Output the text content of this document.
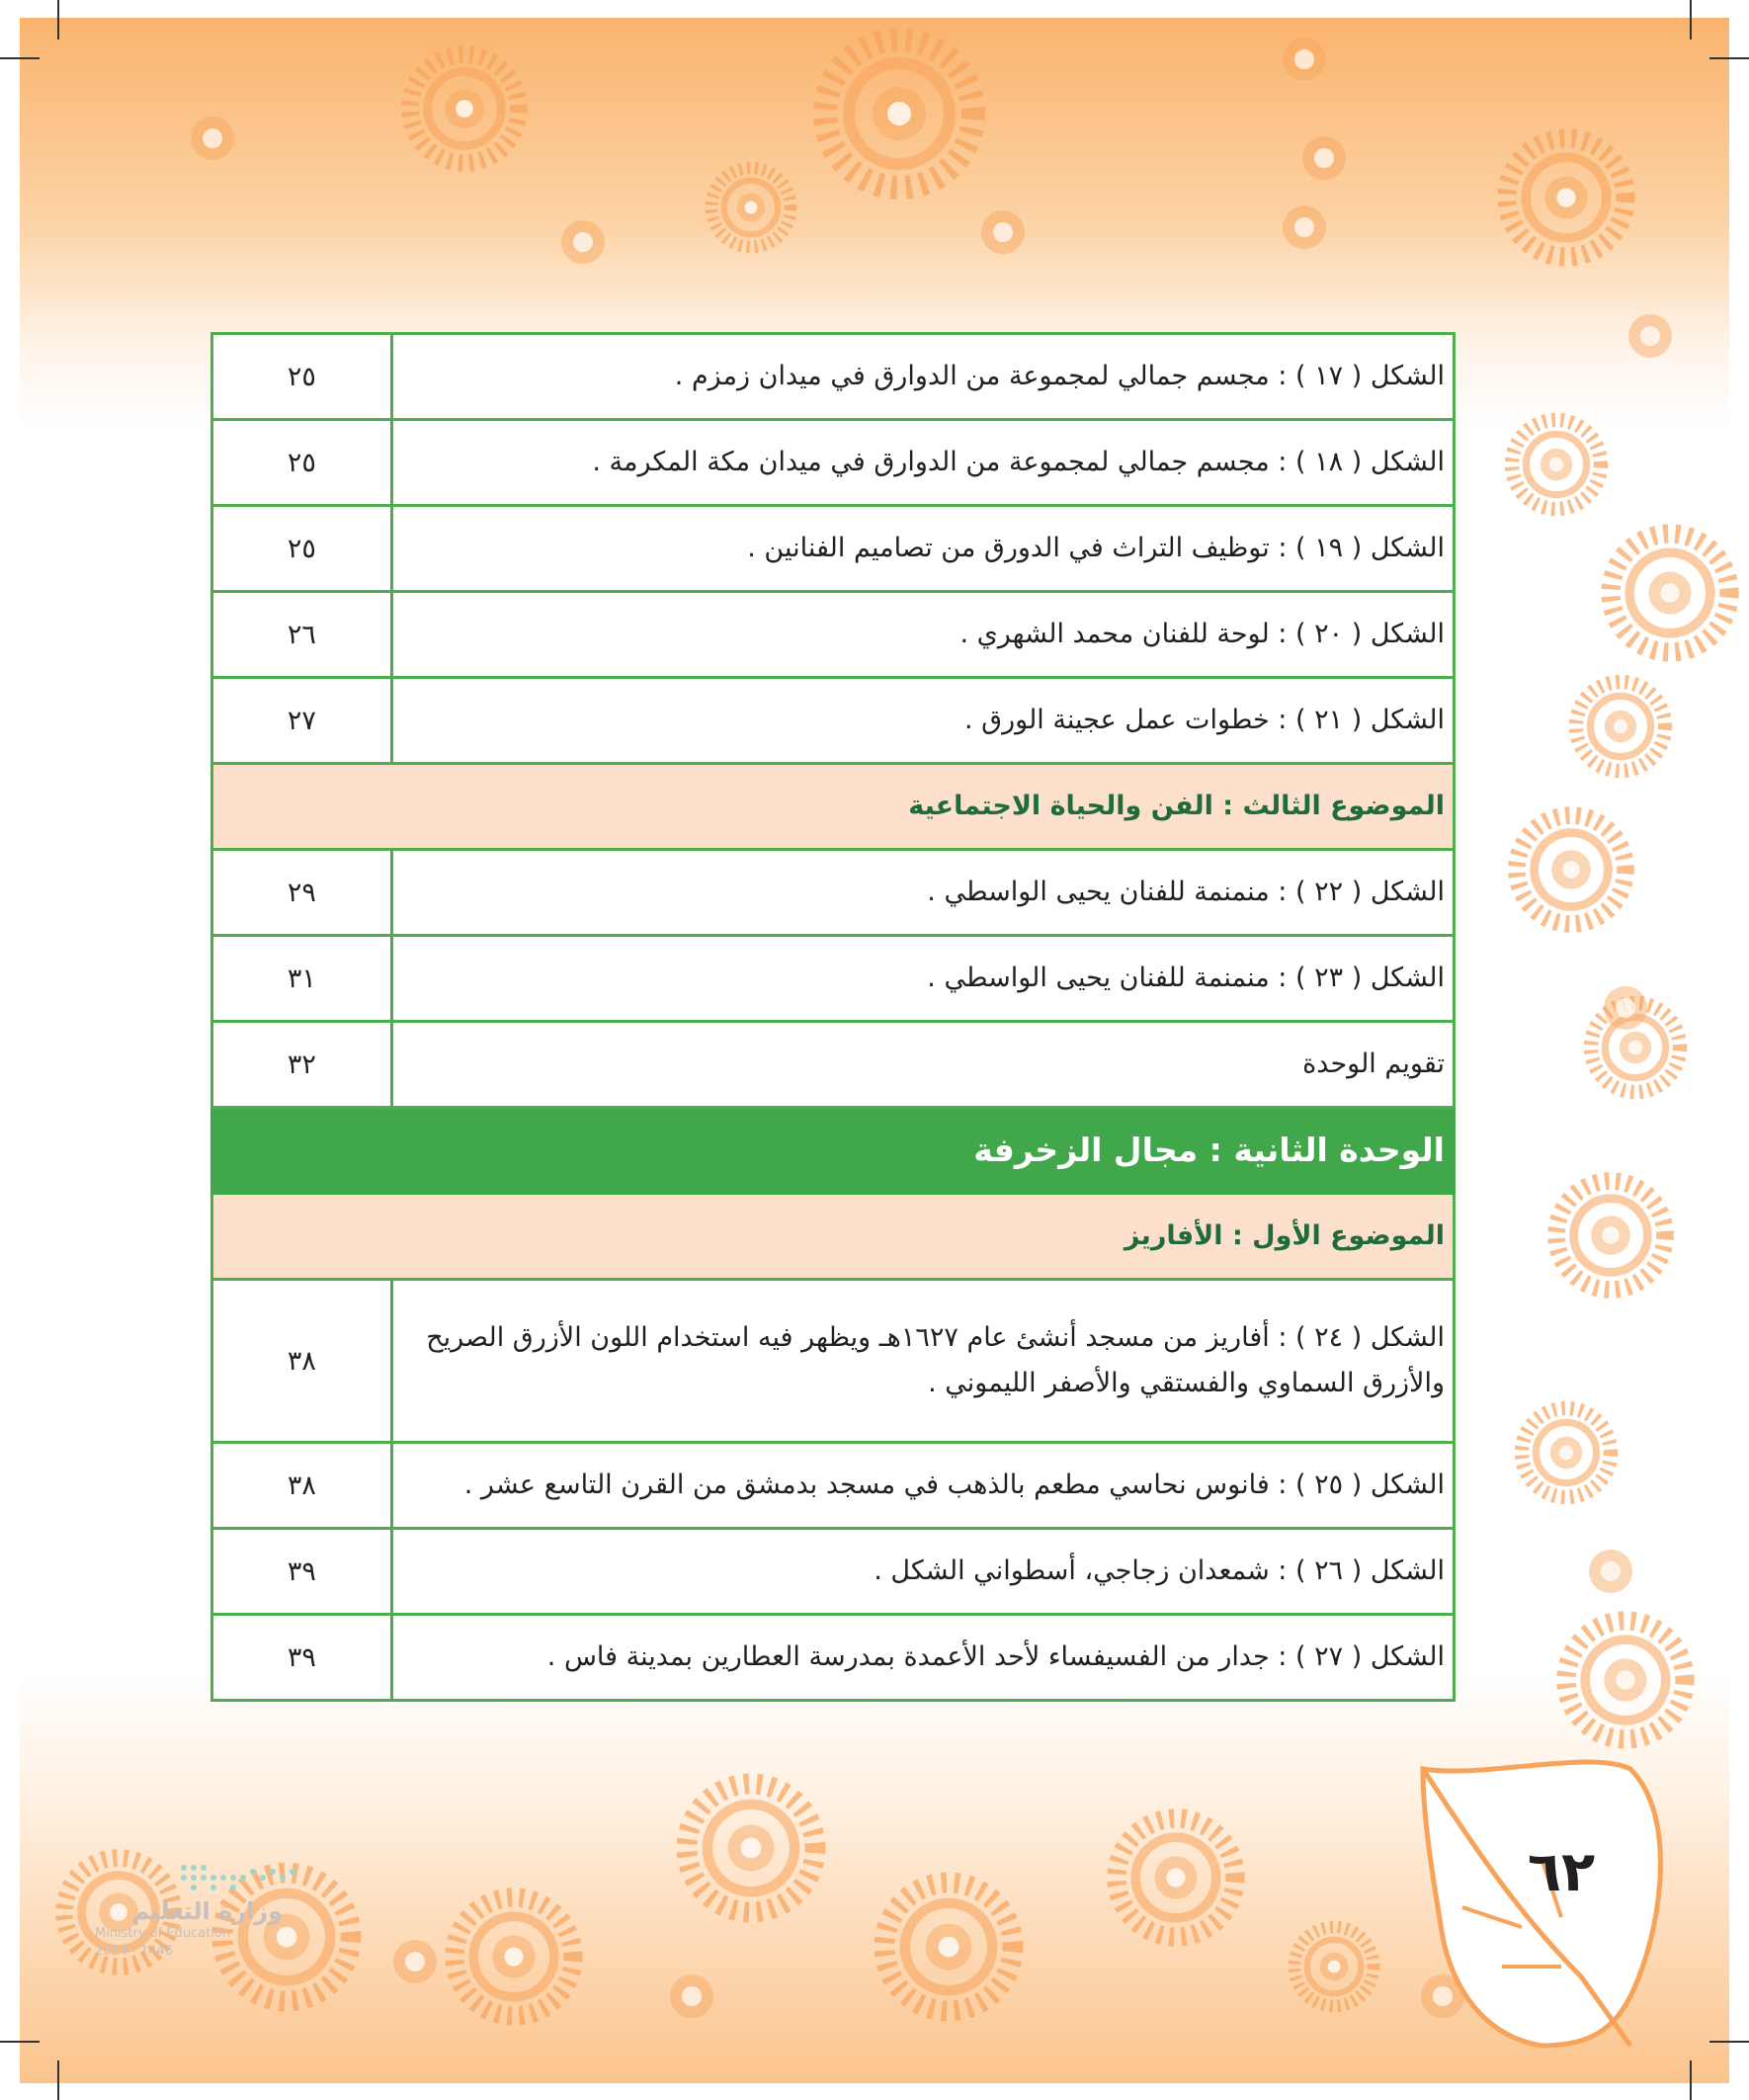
الشكل ( ١٧ ) : مجسم جمالي لمجموعة من الدوارق في ميدان زمزم .	٢٥
الشكل ( ١٨ ) : مجسم جمالي لمجموعة من الدوارق في ميدان مكة المكرمة .	٢٥
الشكل ( ١٩ ) : توظيف التراث في الدورق من تصاميم الفنانين .	٢٥
الشكل ( ٢٠ ) : لوحة للفنان محمد الشهري .	٢٦
الشكل ( ٢١ ) : خطوات عمل عجينة الورق .	٢٧
الموضوع الثالث : الفن والحياة الاجتماعية	
الشكل ( ٢٢ ) : منمنمة للفنان يحيى الواسطي .	٢٩
الشكل ( ٢٣ ) : منمنمة للفنان يحيى الواسطي .	٣١
تقويم الوحدة	٣٢
الوحدة الثانية : مجال الزخرفة	
الموضوع الأول : الأفاريز	
الشكل ( ٢٤ ) : أفاريز من مسجد أنشئ عام ١٦٢٧هـ ويظهر فيه استخدام اللون الأزرق الصريح والأزرق السماوي والفستقي والأصفر الليموني .	٣٨
الشكل ( ٢٥ ) : فانوس نحاسي مطعم بالذهب في مسجد بدمشق من القرن التاسع عشر .	٣٨
الشكل ( ٢٦ ) : شمعدان زجاجي، أسطواني الشكل .	٣٩
الشكل ( ٢٧ ) : جدار من الفسيفساء لأحد الأعمدة بمدرسة العطارين بمدينة فاس .	٣٩
٦٢
وزارة التعليم
Ministry of Education
2024 - 1446
